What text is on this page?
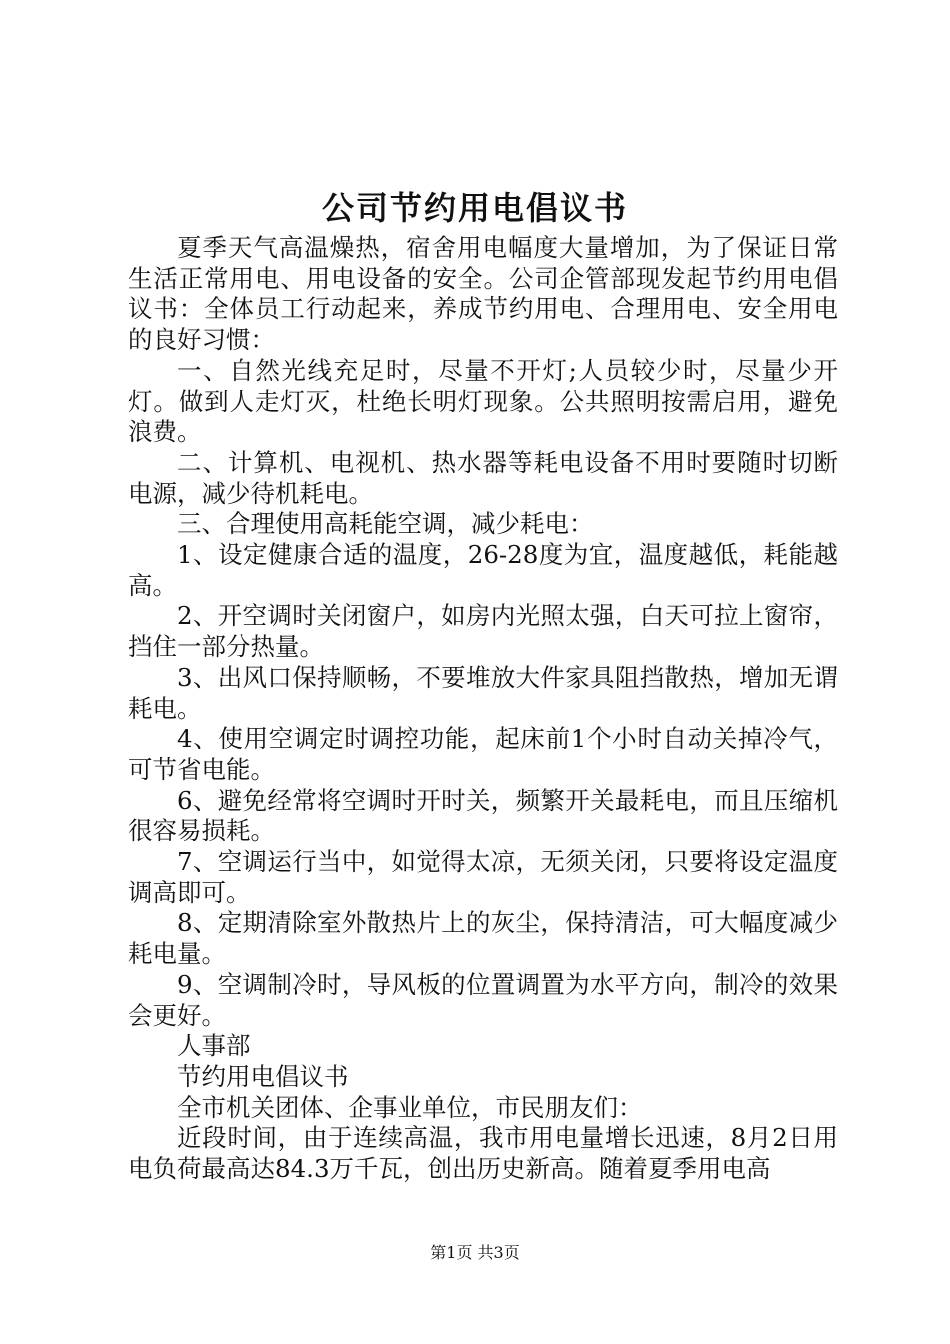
公司节约用电倡议书

夏季天气高温燥热，宿舍用电幅度大量增加，为了保证日常生活正常用电、用电设备的安全。公司企管部现发起节约用电倡议书：全体员工行动起来，养成节约用电、合理用电、安全用电的良好习惯：

一、自然光线充足时，尽量不开灯;人员较少时，尽量少开灯。做到人走灯灭，杜绝长明灯现象。公共照明按需启用，避免浪费。

二、计算机、电视机、热水器等耗电设备不用时要随时切断电源，减少待机耗电。

三、合理使用高耗能空调，减少耗电：

1、设定健康合适的温度，26-28度为宜，温度越低，耗能越高。

2、开空调时关闭窗户，如房内光照太强，白天可拉上窗帘，挡住一部分热量。

3、出风口保持顺畅，不要堆放大件家具阻挡散热，增加无谓耗电。

4、使用空调定时调控功能，起床前1个小时自动关掉冷气，可节省电能。

6、避免经常将空调时开时关，频繁开关最耗电，而且压缩机很容易损耗。

7、空调运行当中，如觉得太凉，无须关闭，只要将设定温度调高即可。

8、定期清除室外散热片上的灰尘，保持清洁，可大幅度减少耗电量。

9、空调制冷时，导风板的位置调置为水平方向，制冷的效果会更好。

人事部

节约用电倡议书

全市机关团体、企事业单位，市民朋友们：

近段时间，由于连续高温，我市用电量增长迅速，8月2日用电负荷最高达84.3万千瓦，创出历史新高。随着夏季用电高

第1页 共3页
